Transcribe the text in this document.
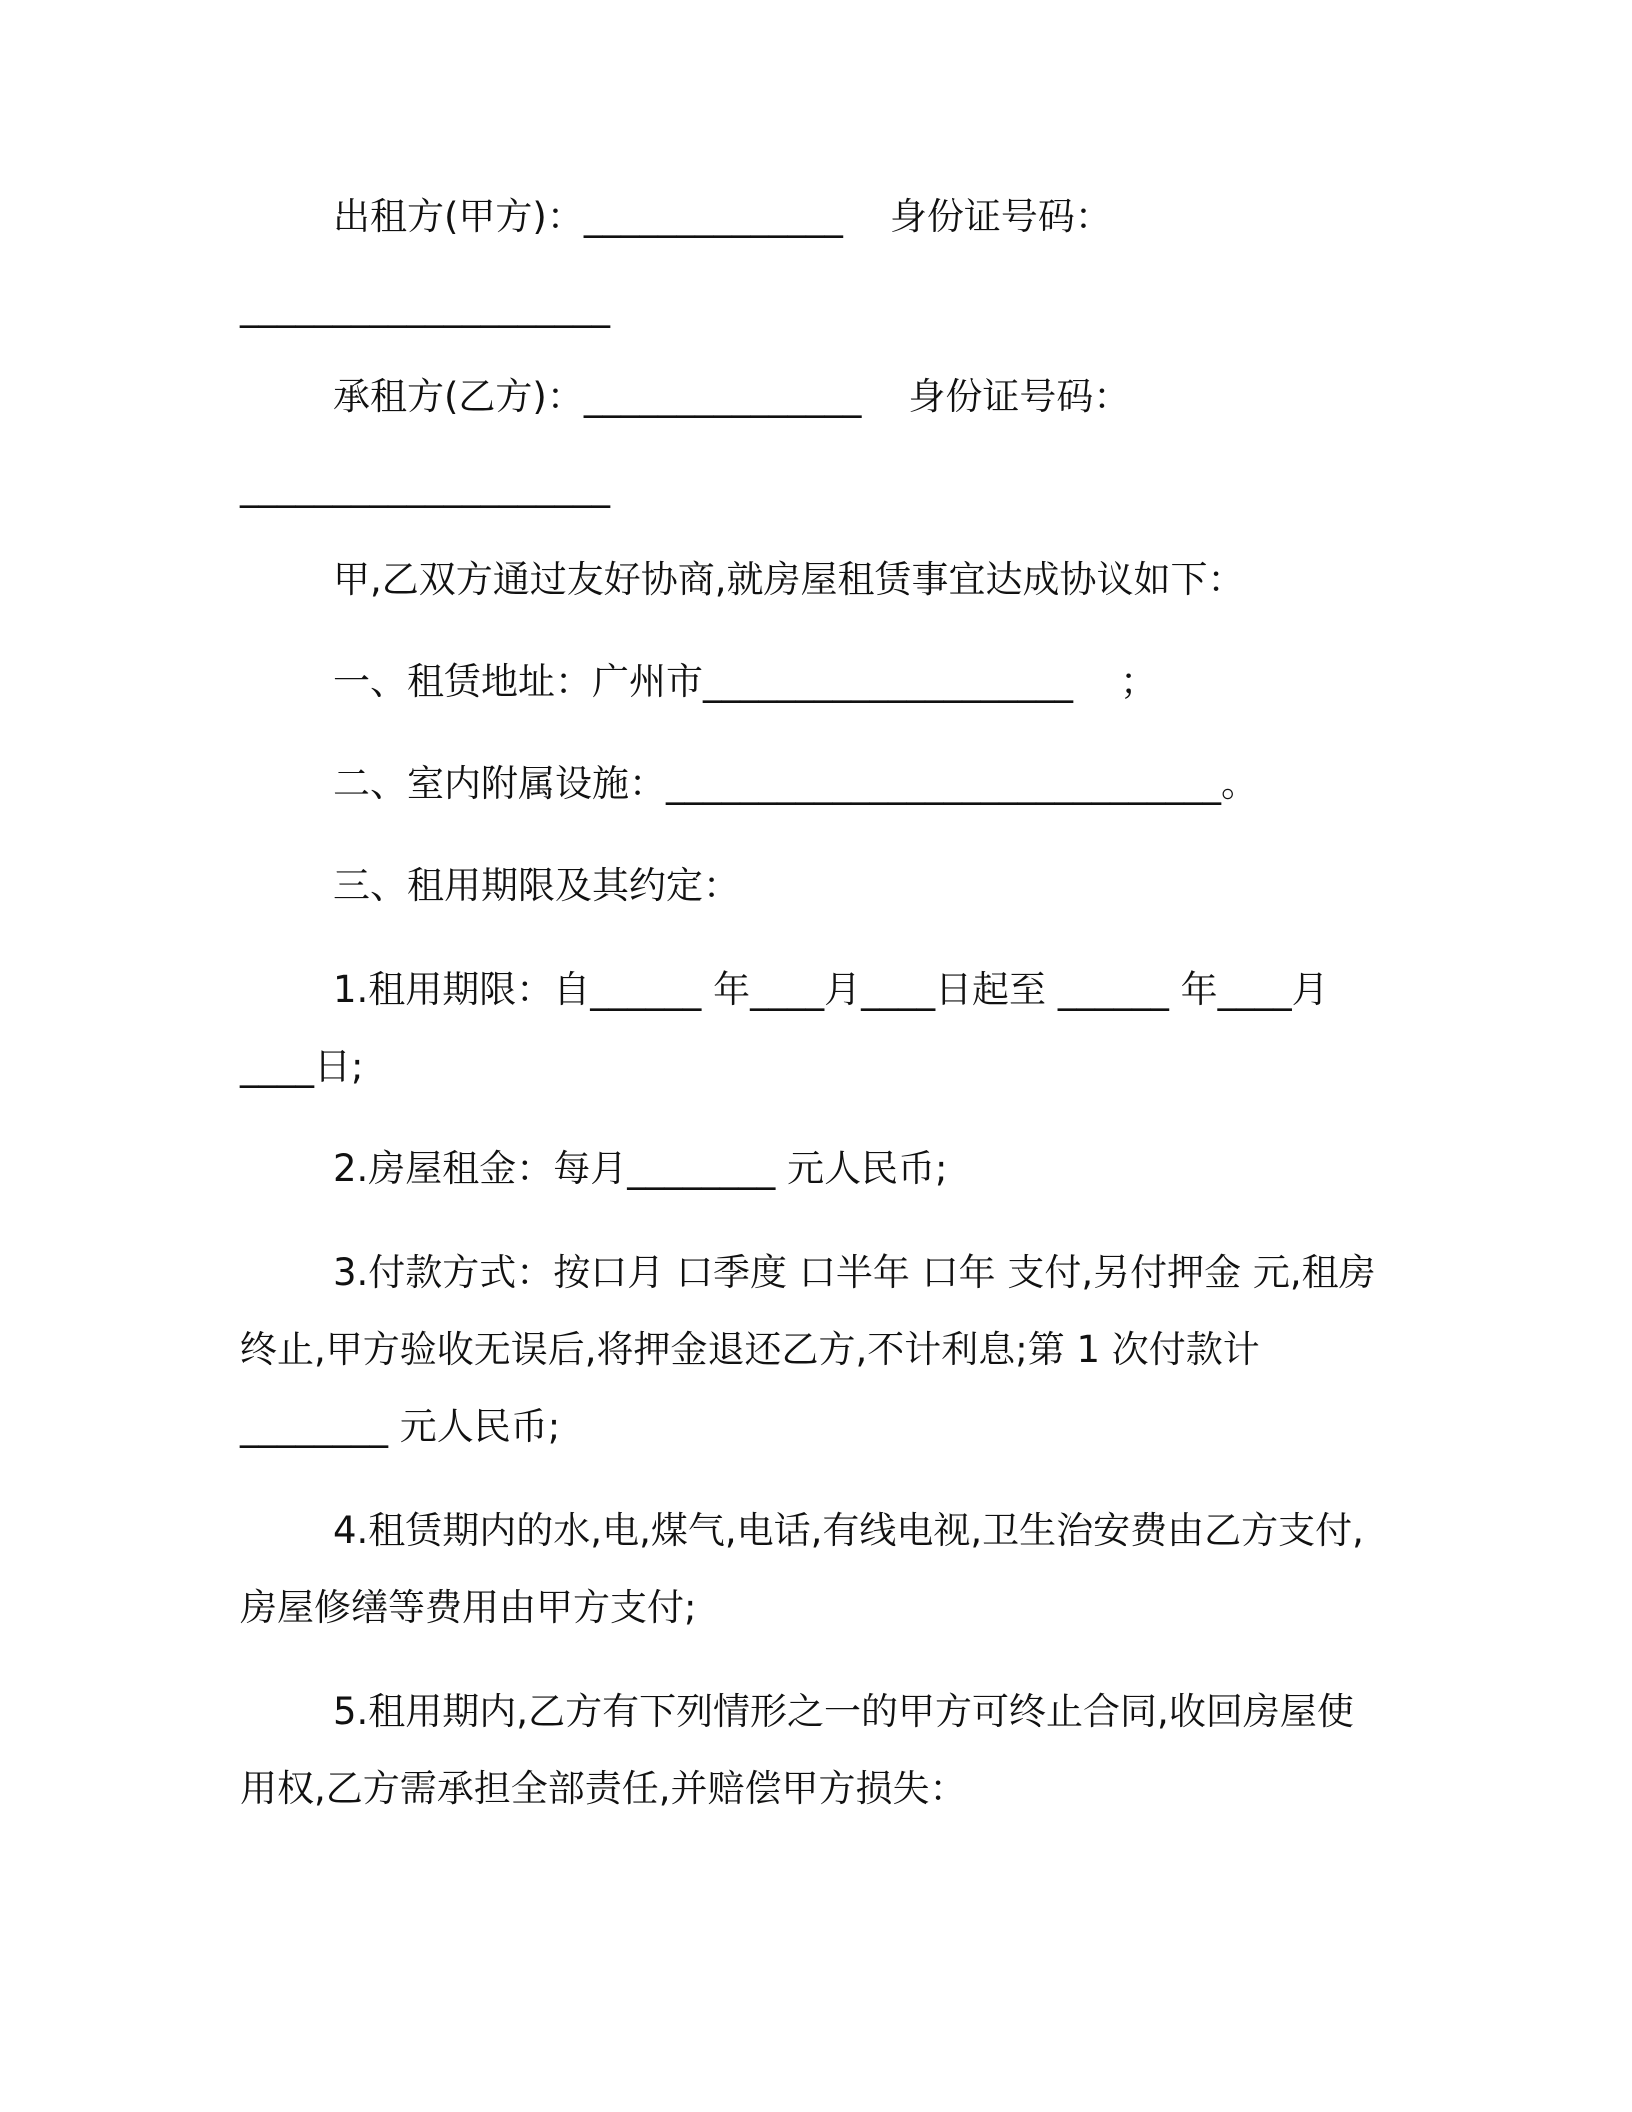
出租方(甲方)：______________    身份证号码：

____________________

承租方(乙方)：_______________    身份证号码：

____________________

甲,乙双方通过友好协商,就房屋租赁事宜达成协议如下：

一、租赁地址：广州市____________________    ；

二、室内附属设施：______________________________。

三、租用期限及其约定：

1.租用期限：自______ 年____月____日起至 ______ 年____月

____日;

2.房屋租金：每月________ 元人民币;

3.付款方式：按口月 口季度 口半年 口年 支付,另付押金 元,租房

终止,甲方验收无误后,将押金退还乙方,不计利息;第 1 次付款计

________ 元人民币;

4.租赁期内的水,电,煤气,电话,有线电视,卫生治安费由乙方支付,

房屋修缮等费用由甲方支付;

5.租用期内,乙方有下列情形之一的甲方可终止合同,收回房屋使

用权,乙方需承担全部责任,并赔偿甲方损失：
